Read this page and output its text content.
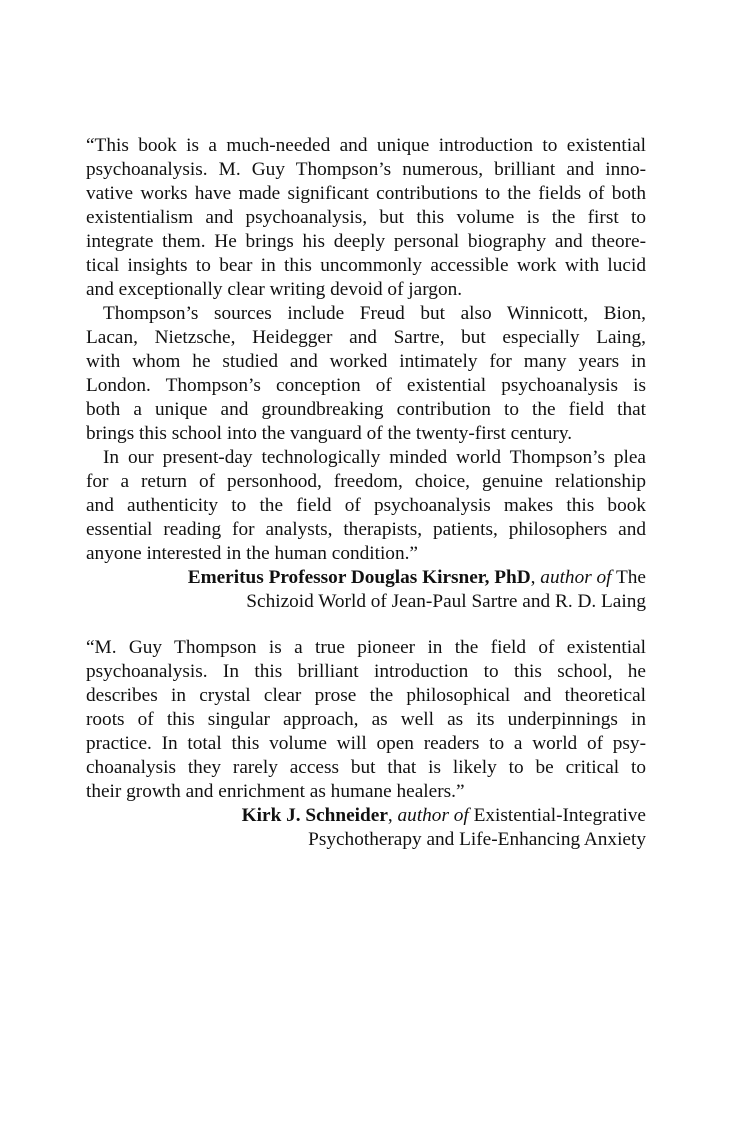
“This book is a much-needed and unique introduction to existential
psychoanalysis. M. Guy Thompson’s numerous, brilliant and inno-
vative works have made significant contributions to the fields of both
existentialism and psychoanalysis, but this volume is the first to
integrate them. He brings his deeply personal biography and theore-
tical insights to bear in this uncommonly accessible work with lucid
and exceptionally clear writing devoid of jargon.
Thompson’s sources include Freud but also Winnicott, Bion,
Lacan, Nietzsche, Heidegger and Sartre, but especially Laing,
with whom he studied and worked intimately for many years in
London. Thompson’s conception of existential psychoanalysis is
both a unique and groundbreaking contribution to the field that
brings this school into the vanguard of the twenty-first century.
In our present-day technologically minded world Thompson’s plea
for a return of personhood, freedom, choice, genuine relationship
and authenticity to the field of psychoanalysis makes this book
essential reading for analysts, therapists, patients, philosophers and
anyone interested in the human condition.”
Emeritus Professor Douglas Kirsner, PhD, author of The
Schizoid World of Jean-Paul Sartre and R. D. Laing
“M. Guy Thompson is a true pioneer in the field of existential
psychoanalysis. In this brilliant introduction to this school, he
describes in crystal clear prose the philosophical and theoretical
roots of this singular approach, as well as its underpinnings in
practice. In total this volume will open readers to a world of psy-
choanalysis they rarely access but that is likely to be critical to
their growth and enrichment as humane healers.”
Kirk J. Schneider, author of Existential-Integrative
Psychotherapy and Life-Enhancing Anxiety
